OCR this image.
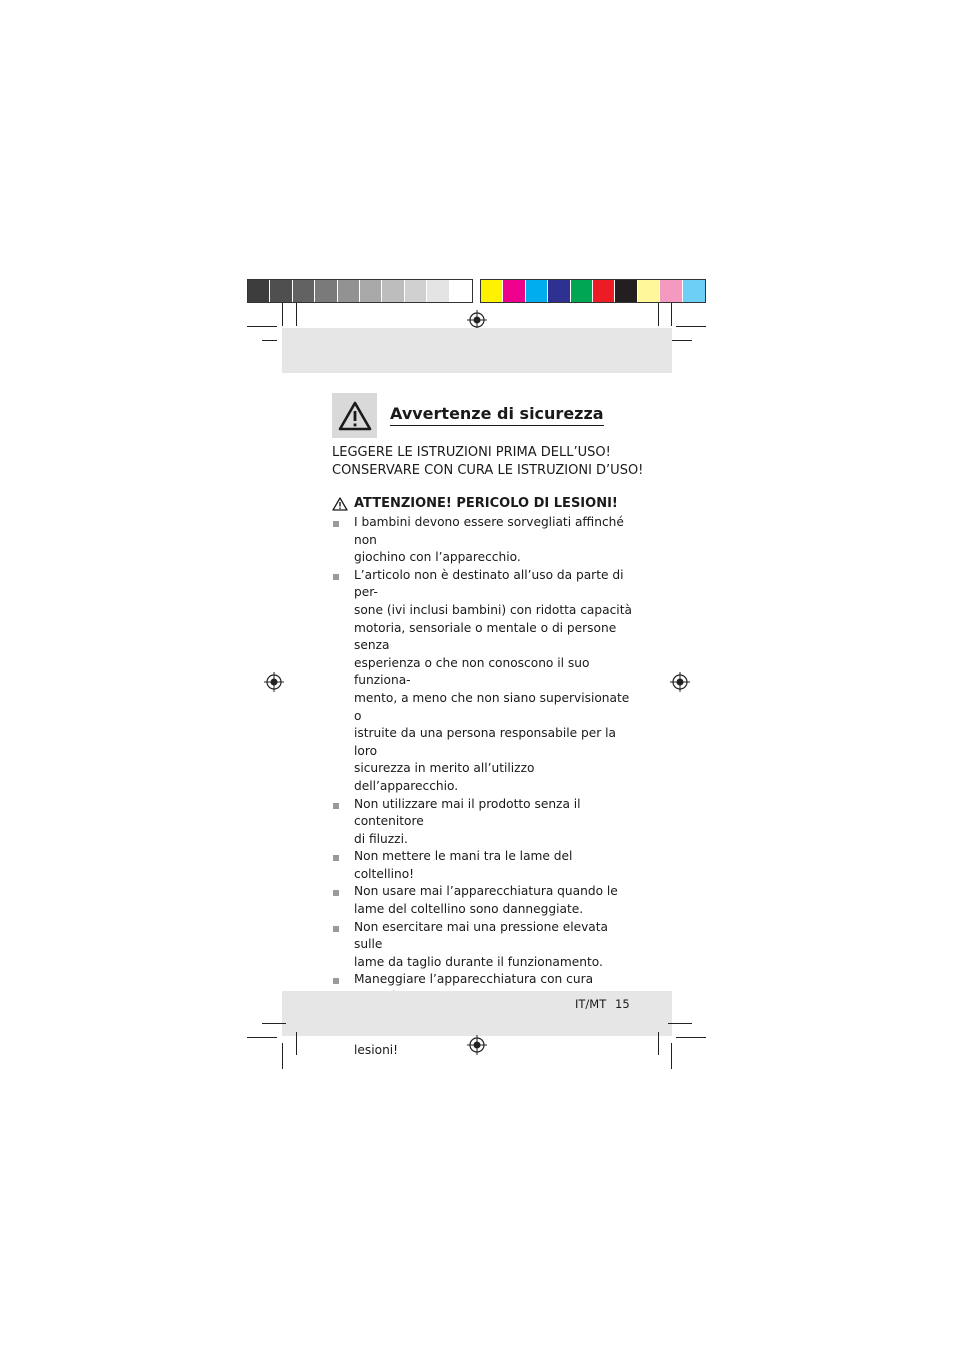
Avvertenze di sicurezza
LEGGERE LE ISTRUZIONI PRIMA DELL’USO!
CONSERVARE CON CURA LE ISTRUZIONI D’USO!
ATTENZIONE! PERICOLO DI LESIONI!
I bambini devono essere sorvegliati affinché non
giochino con l’apparecchio.
L’articolo non è destinato all’uso da parte di per-
sone (ivi inclusi bambini) con ridotta capacità
motoria, sensoriale o mentale o di persone senza
esperienza o che non conoscono il suo funziona-
mento, a meno che non siano supervisionate o
istruite da una persona responsabile per la loro
sicurezza in merito all’utilizzo dell’apparecchio.
Non utilizzare mai il prodotto senza il contenitore
di filuzzi.
Non mettere le mani tra le lame del coltellino!
Non usare mai l’apparecchiatura quando le
lame del coltellino sono danneggiate.
Non esercitare mai una pressione elevata sulle
lame da taglio durante il funzionamento.
Maneggiare l’apparecchiatura con cura

lesioni!
IT/MT 15
